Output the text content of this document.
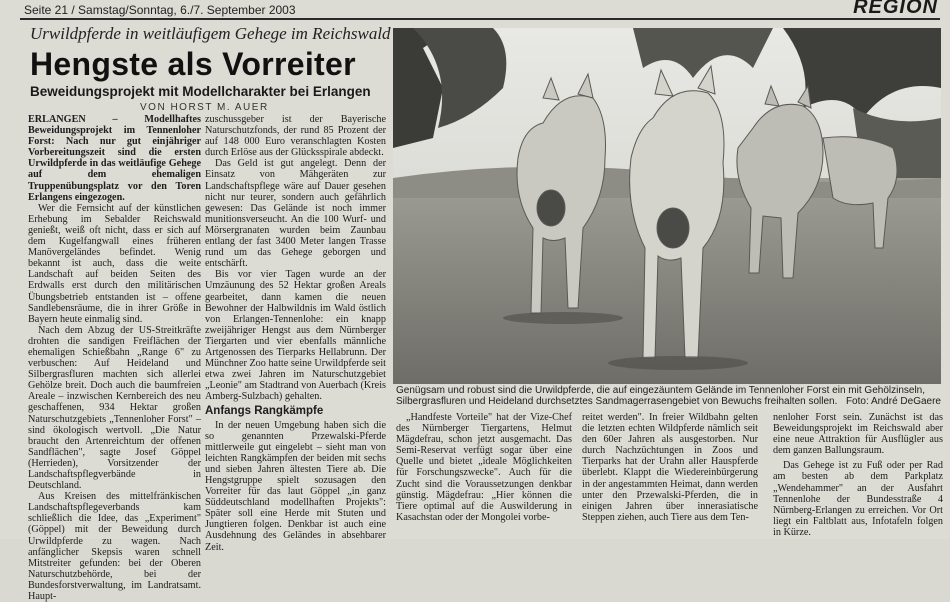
Seite 21 / Samstag/Sonntag, 6./7. September 2003	REGION
Urwildpferde in weitläufigem Gehege im Reichswald
Hengste als Vorreiter
Beweidungsprojekt mit Modellcharakter bei Erlangen
VON HORST M. AUER

ERLANGEN – Modellhaftes Beweidungsprojekt im Tennenloher Forst: Nach nur gut einjähriger Vorbereitungszeit sind die ersten Urwildpferde in das weitläufige Gehege auf dem ehemaligen Truppenübungsplatz vor den Toren Erlangens eingezogen.

Wer die Fernsicht auf der künstlichen Erhebung im Sebalder Reichswald genießt, weiß oft nicht, dass er sich auf dem Kugelfangwall eines früheren Manövergeländes befindet. Wenig bekannt ist auch, dass die weite Landschaft auf beiden Seiten des Erdwalls erst durch den militärischen Übungsbetrieb entstanden ist – offene Sandlebensräume, die in ihrer Größe in Bayern heute einmalig sind.

Nach dem Abzug der US-Streitkräfte drohten die sandigen Freiflächen der ehemaligen Schießbahn „Range 6" zu verbuschen: Auf Heideland und Silbergrasfluren machten sich allerlei Gehölze breit. Doch auch die baumfreien Areale – inzwischen Kernbereich des neu geschaffenen, 934 Hektar großen Naturschutzgebiets „Tennenloher Forst" – sind ökologisch wertvoll. „Die Natur braucht den Artenreichtum der offenen Sandflächen", sagte Josef Göppel (Herrieden), Vorsitzender der Landschaftspflegverbände in Deutschland.

Aus Kreisen des mittelfränkischen Landschaftspflegeverbands kam schließlich die Idee, das „Experiment" (Göppel) mit der Beweidung durch Urwildpferde zu wagen. Nach anfänglicher Skepsis waren schnell Mitstreiter gefunden: bei der Oberen Naturschutzbehörde, bei der Bundesforstverwaltung, im Landratsamt. Haupt-

zuschussgeber ist der Bayerische Naturschutzfonds, der rund 85 Prozent der auf 148 000 Euro veranschlagten Kosten durch Erlöse aus der Glücksspirale abdeckt.

Das Geld ist gut angelegt. Denn der Einsatz von Mähgeräten zur Landschaftspflege wäre auf Dauer gesehen nicht nur teurer, sondern auch gefährlich gewesen: Das Gelände ist noch immer munitionsverseucht. An die 100 Wurf- und Mörsergranaten wurden beim Zaunbau entlang der fast 3400 Meter langen Trasse rund um das Gehege geborgen und entschärft.

Bis vor vier Tagen wurde an der Umzäunung des 52 Hektar großen Areals gearbeitet, dann kamen die neuen Bewohner der Halbwildnis im Wald östlich von Erlangen-Tennenlohe: ein knapp zweijähriger Hengst aus dem Nürnberger Tiergarten und vier ebenfalls männliche Artgenossen des Tierparks Hellabrunn. Der Münchner Zoo hatte seine Urwildpferde seit etwa zwei Jahren im Naturschutzgebiet „Leonie" am Stadtrand von Auerbach (Kreis Amberg-Sulzbach) gehalten.

Anfangs Rangkämpfe

In der neuen Umgebung haben sich die so genannten Przewalski-Pferde mittlerweile gut eingelebt – sieht man von leichten Rangkämpfen der beiden mit sechs und sieben Jahren ältesten Tiere ab. Die Hengstgruppe spielt sozusagen den Vorreiter für das laut Göppel „in ganz Süddeutschland modellhaften Projekts": Später soll eine Herde mit Stuten und Jungtieren folgen. Denkbar ist auch eine Ausdehnung des Geländes in absehbarer Zeit.

Genügsam und robust sind die Urwildpferde, die auf eingezäuntem Gelände im Tennenloher Forst ein mit Gehölzinseln, Silbergrasfluren und Heideland durchsetztes Sandmagerrasengebiet von Bewuchs freihalten sollen. Foto: André DeGaere

„Handfeste Vorteile" hat der Vize-Chef des Nürnberger Tiergartens, Helmut Mägdefrau, schon jetzt ausgemacht. Das Semi-Reservat verfügt sogar über eine Quelle und bietet „ideale Möglichkeiten für Forschungszwecke". Auch für die Zucht sind die Voraussetzungen denkbar günstig. Mägdefrau: „Hier können die Tiere optimal auf die Auswilderung in Kasachstan oder der Mongolei vorbe-

reitet werden". In freier Wildbahn gelten die letzten echten Wildpferde nämlich seit den 60er Jahren als ausgestorben. Nur durch Nachzüchtungen in Zoos und Tierparks hat der Urahn aller Hauspferde überlebt. Klappt die Wiedereinbürgerung in der angestammten Heimat, dann werden unter den Przewalski-Pferden, die in einigen Jahren über innerasiatische Steppen ziehen, auch Tiere aus dem Ten-

nenloher Forst sein. Zunächst ist das Beweidungsprojekt im Reichswald aber eine neue Attraktion für Ausflügler aus dem ganzen Ballungsraum.

Das Gehege ist zu Fuß oder per Rad am besten ab dem Parkplatz „Wendehammer" an der Ausfahrt Tennenlohe der Bundesstraße 4 Nürnberg-Erlangen zu erreichen. Vor Ort liegt ein Faltblatt aus, Infotafeln folgen in Kürze.
